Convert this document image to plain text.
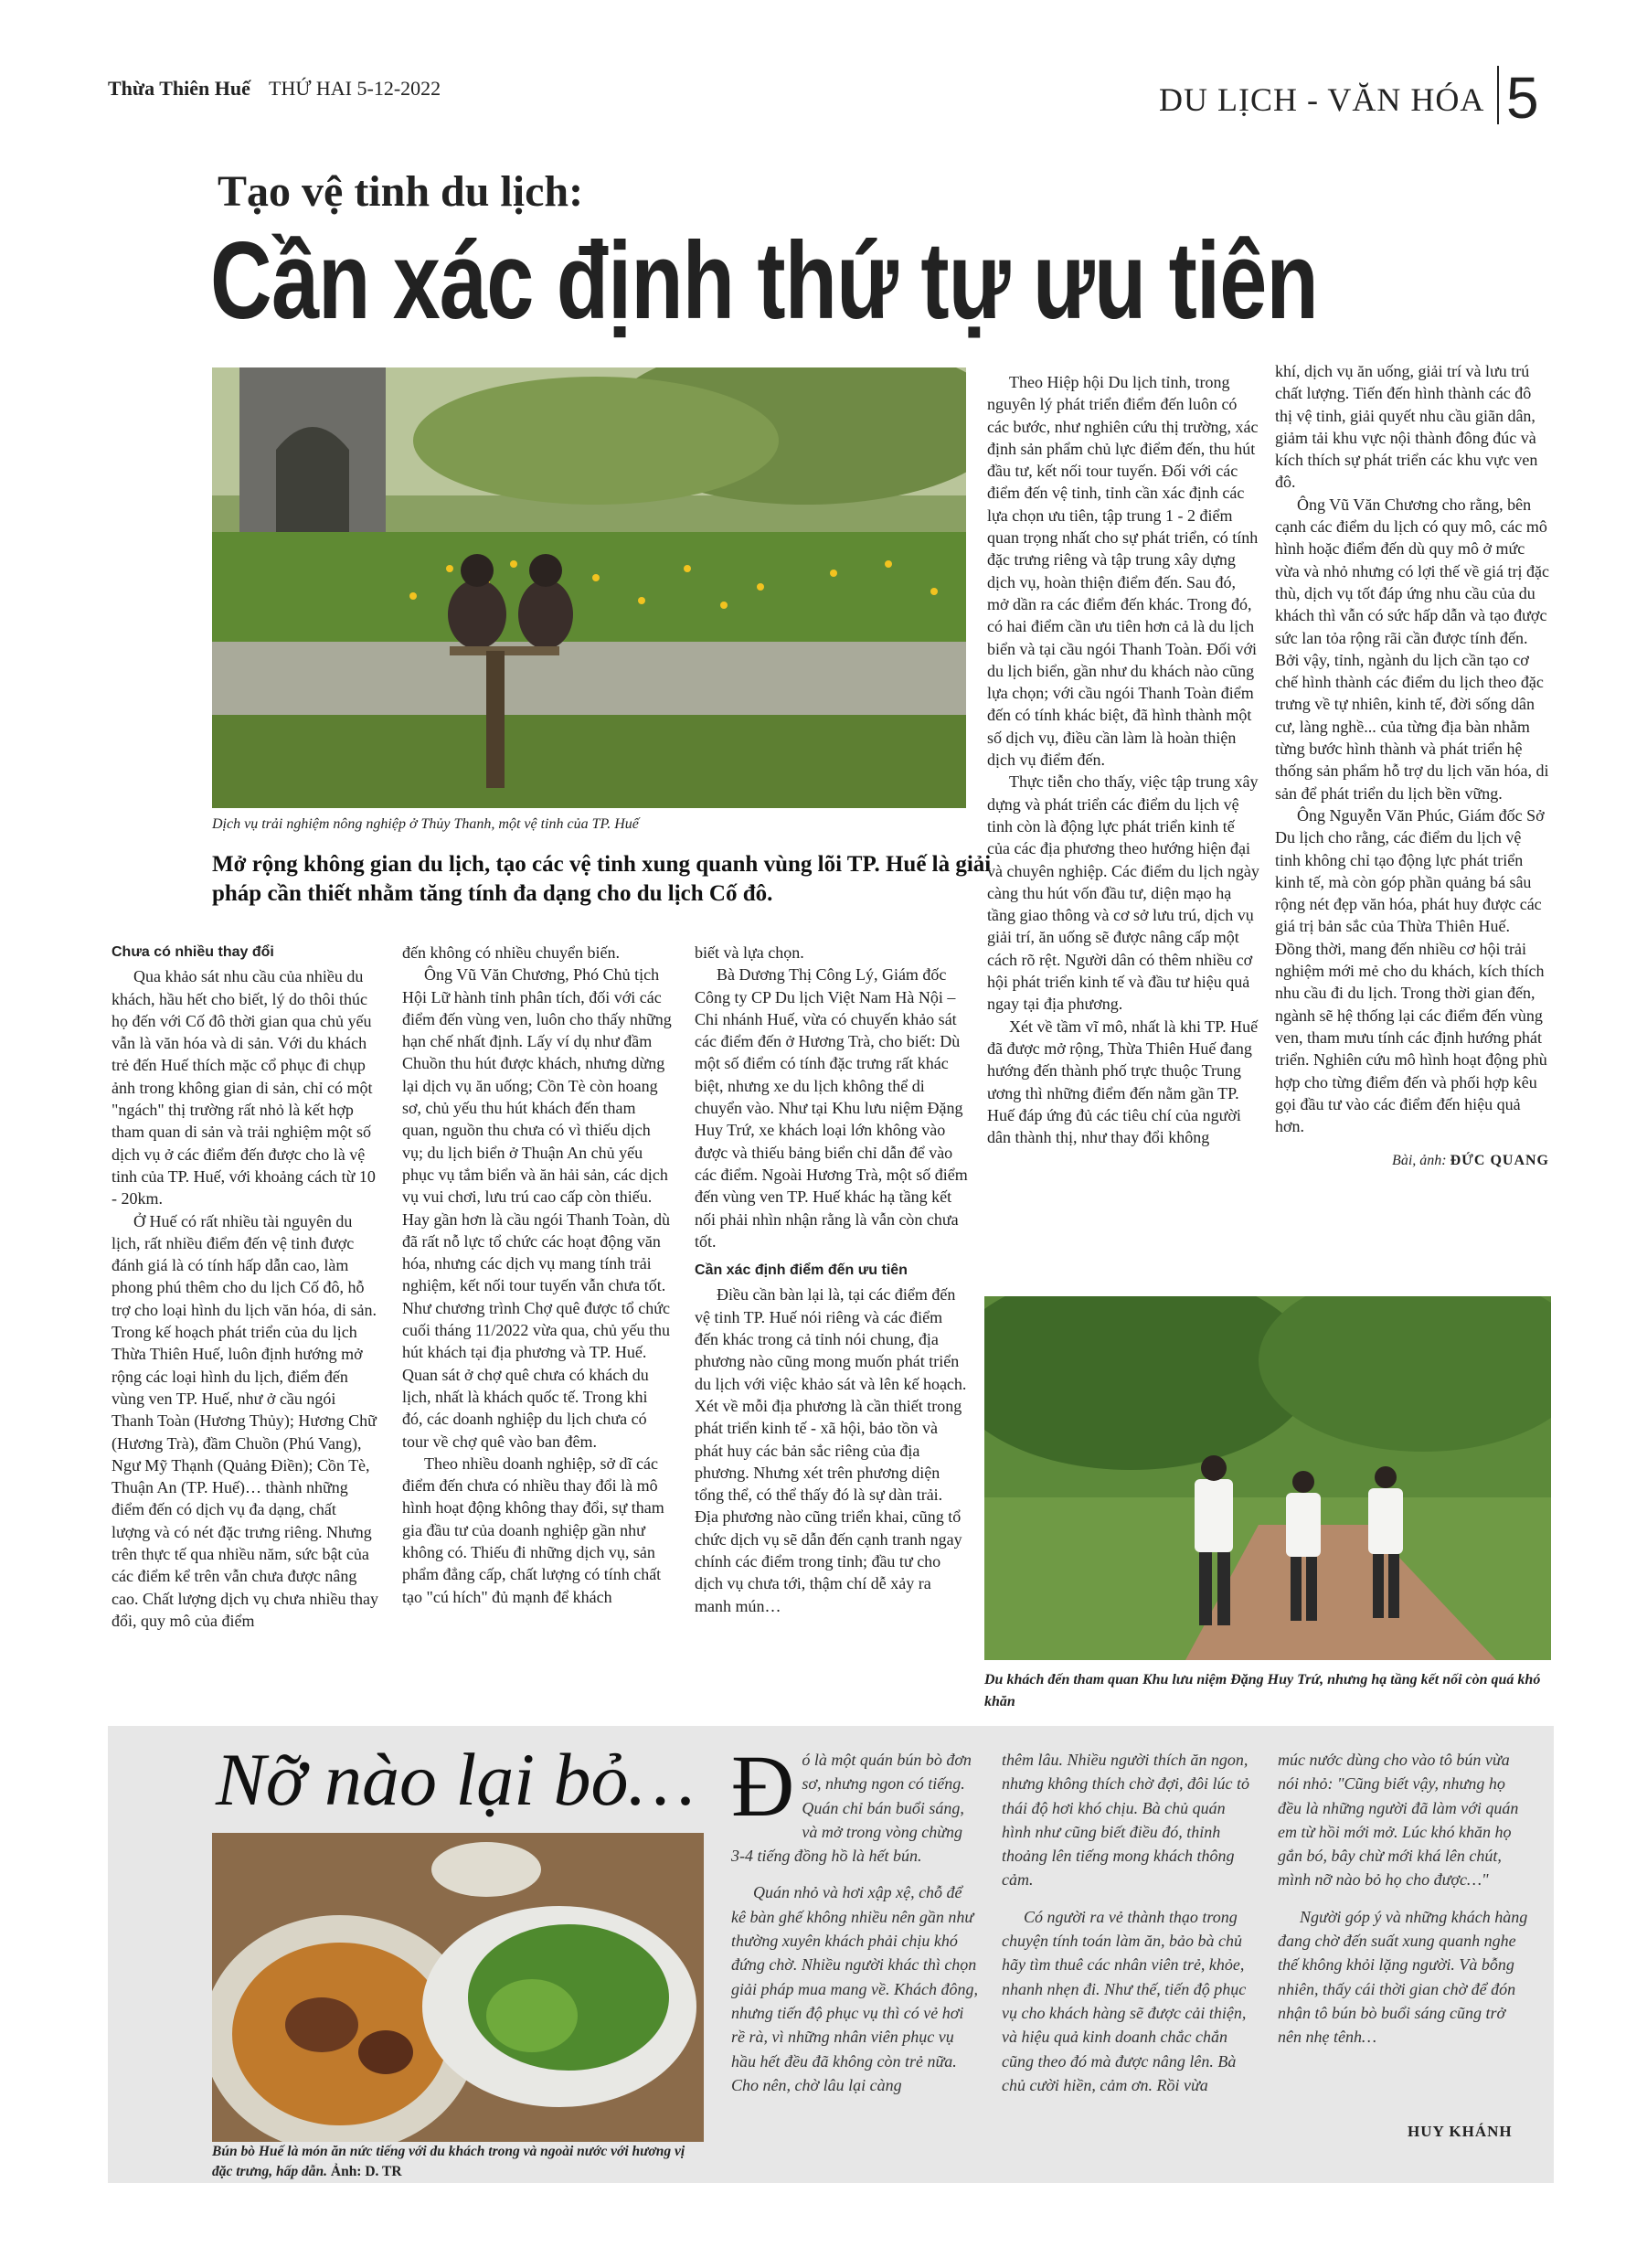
Thừa Thiên Huế THỨ HAI 5-12-2022	DU LỊCH - VĂN HÓA 5
Tạo vệ tinh du lịch:
Cần xác định thứ tự ưu tiên
Dịch vụ trải nghiệm nông nghiệp ở Thủy Thanh, một vệ tinh của TP. Huế
Mở rộng không gian du lịch, tạo các vệ tinh xung quanh vùng lõi TP. Huế là giải pháp cần thiết nhằm tăng tính đa dạng cho du lịch Cố đô.
Chưa có nhiều thay đổi

Qua khảo sát nhu cầu của nhiều du khách, hầu hết cho biết, lý do thôi thúc họ đến với Cố đô thời gian qua chủ yếu vẫn là văn hóa và di sản. Với du khách trẻ đến Huế thích mặc cổ phục đi chụp ảnh trong không gian di sản, chỉ có một "ngách" thị trường rất nhỏ là kết hợp tham quan di sản và trải nghiệm một số dịch vụ ở các điểm đến được cho là vệ tinh của TP. Huế, với khoảng cách từ 10 - 20km.

Ở Huế có rất nhiều tài nguyên du lịch, rất nhiều điểm đến vệ tinh được đánh giá là có tính hấp dẫn cao, làm phong phú thêm cho du lịch Cố đô, hỗ trợ cho loại hình du lịch văn hóa, di sản. Trong kế hoạch phát triển của du lịch Thừa Thiên Huế, luôn định hướng mở rộng các loại hình du lịch, điểm đến vùng ven TP. Huế, như ở cầu ngói Thanh Toàn (Hương Thủy); Hương Chữ (Hương Trà), đầm Chuồn (Phú Vang), Ngư Mỹ Thạnh (Quảng Điền); Cồn Tè, Thuận An (TP. Huế)… thành những điểm đến có dịch vụ đa dạng, chất lượng và có nét đặc trưng riêng. Nhưng trên thực tế qua nhiều năm, sức bật của các điểm kể trên vẫn chưa được nâng cao. Chất lượng dịch vụ chưa nhiều thay đổi, quy mô của điểm

đến không có nhiều chuyển biến.

Ông Vũ Văn Chương, Phó Chủ tịch Hội Lữ hành tỉnh phân tích, đối với các điểm đến vùng ven, luôn cho thấy những hạn chế nhất định. Lấy ví dụ như đầm Chuồn thu hút được khách, nhưng dừng lại dịch vụ ăn uống; Cồn Tè còn hoang sơ, chủ yếu thu hút khách đến tham quan, nguồn thu chưa có vì thiếu dịch vụ; du lịch biển ở Thuận An chủ yếu phục vụ tắm biển và ăn hải sản, các dịch vụ vui chơi, lưu trú cao cấp còn thiếu. Hay gần hơn là cầu ngói Thanh Toàn, dù đã rất nỗ lực tổ chức các hoạt động văn hóa, nhưng các dịch vụ mang tính trải nghiệm, kết nối tour tuyến vẫn chưa tốt. Như chương trình Chợ quê được tổ chức cuối tháng 11/2022 vừa qua, chủ yếu thu hút khách tại địa phương và TP. Huế. Quan sát ở chợ quê chưa có khách du lịch, nhất là khách quốc tế. Trong khi đó, các doanh nghiệp du lịch chưa có tour về chợ quê vào ban đêm.

Theo nhiều doanh nghiệp, sở dĩ các điểm đến chưa có nhiều thay đổi là mô hình hoạt động không thay đổi, sự tham gia đầu tư của doanh nghiệp gần như không có. Thiếu đi những dịch vụ, sản phẩm đẳng cấp, chất lượng có tính chất tạo "cú hích" đủ mạnh để khách

biết và lựa chọn.

Bà Dương Thị Công Lý, Giám đốc Công ty CP Du lịch Việt Nam Hà Nội – Chi nhánh Huế, vừa có chuyến khảo sát các điểm đến ở Hương Trà, cho biết: Dù một số điểm có tính đặc trưng rất khác biệt, nhưng xe du lịch không thể di chuyển vào. Như tại Khu lưu niệm Đặng Huy Trứ, xe khách loại lớn không vào được và thiếu bảng biển chỉ dẫn để vào các điểm. Ngoài Hương Trà, một số điểm đến vùng ven TP. Huế khác hạ tầng kết nối phải nhìn nhận rằng là vẫn còn chưa tốt.

Cần xác định điểm đến ưu tiên

Điều cần bàn lại là, tại các điểm đến vệ tinh TP. Huế nói riêng và các điểm đến khác trong cả tỉnh nói chung, địa phương nào cũng mong muốn phát triển du lịch với việc khảo sát và lên kế hoạch. Xét về mỗi địa phương là cần thiết trong phát triển kinh tế - xã hội, bảo tồn và phát huy các bản sắc riêng của địa phương. Nhưng xét trên phương diện tổng thể, có thể thấy đó là sự dàn trải. Địa phương nào cũng triển khai, cũng tổ chức dịch vụ sẽ dẫn đến cạnh tranh ngay chính các điểm trong tỉnh; đầu tư cho dịch vụ chưa tới, thậm chí dễ xảy ra manh mún…

Theo Hiệp hội Du lịch tỉnh, trong nguyên lý phát triển điểm đến luôn có các bước, như nghiên cứu thị trường, xác định sản phẩm chủ lực điểm đến, thu hút đầu tư, kết nối tour tuyến. Đối với các điểm đến vệ tinh, tỉnh cần xác định các lựa chọn ưu tiên, tập trung 1 - 2 điểm quan trọng nhất cho sự phát triển, có tính đặc trưng riêng và tập trung xây dựng dịch vụ, hoàn thiện điểm đến. Sau đó, mở dần ra các điểm đến khác. Trong đó, có hai điểm cần ưu tiên hơn cả là du lịch biển và tại cầu ngói Thanh Toàn. Đối với du lịch biển, gần như du khách nào cũng lựa chọn; với cầu ngói Thanh Toàn điểm đến có tính khác biệt, đã hình thành một số dịch vụ, điều cần làm là hoàn thiện dịch vụ điểm đến.

Thực tiễn cho thấy, việc tập trung xây dựng và phát triển các điểm du lịch vệ tinh còn là động lực phát triển kinh tế của các địa phương theo hướng hiện đại và chuyên nghiệp. Các điểm du lịch ngày càng thu hút vốn đầu tư, diện mạo hạ tầng giao thông và cơ sở lưu trú, dịch vụ giải trí, ăn uống sẽ được nâng cấp một cách rõ rệt. Người dân có thêm nhiều cơ hội phát triển kinh tế và đầu tư hiệu quả ngay tại địa phương.

Xét về tầm vĩ mô, nhất là khi TP. Huế đã được mở rộng, Thừa Thiên Huế đang hướng đến thành phố trực thuộc Trung ương thì những điểm đến nằm gần TP. Huế đáp ứng đủ các tiêu chí của người dân thành thị, như thay đổi không

khí, dịch vụ ăn uống, giải trí và lưu trú chất lượng. Tiến đến hình thành các đô thị vệ tinh, giải quyết nhu cầu giãn dân, giảm tải khu vực nội thành đông đúc và kích thích sự phát triển các khu vực ven đô.

Ông Vũ Văn Chương cho rằng, bên cạnh các điểm du lịch có quy mô, các mô hình hoặc điểm đến dù quy mô ở mức vừa và nhỏ nhưng có lợi thế về giá trị đặc thù, dịch vụ tốt đáp ứng nhu cầu của du khách thì vẫn có sức hấp dẫn và tạo được sức lan tỏa rộng rãi cần được tính đến. Bởi vậy, tỉnh, ngành du lịch cần tạo cơ chế hình thành các điểm du lịch theo đặc trưng về tự nhiên, kinh tế, đời sống dân cư, làng nghề... của từng địa bàn nhằm từng bước hình thành và phát triển hệ thống sản phẩm hỗ trợ du lịch văn hóa, di sản để phát triển du lịch bền vững.

Ông Nguyễn Văn Phúc, Giám đốc Sở Du lịch cho rằng, các điểm du lịch vệ tinh không chỉ tạo động lực phát triển kinh tế, mà còn góp phần quảng bá sâu rộng nét đẹp văn hóa, phát huy được các giá trị bản sắc của Thừa Thiên Huế. Đồng thời, mang đến nhiều cơ hội trải nghiệm mới mẻ cho du khách, kích thích nhu cầu đi du lịch. Trong thời gian đến, ngành sẽ hệ thống lại các điểm đến vùng ven, tham mưu tính các định hướng phát triển. Nghiên cứu mô hình hoạt động phù hợp cho từng điểm đến và phối hợp kêu gọi đầu tư vào các điểm đến hiệu quả hơn.

Bài, ảnh: ĐỨC QUANG
Du khách đến tham quan Khu lưu niệm Đặng Huy Trứ, nhưng hạ tầng kết nối còn quá khó khăn
Nỡ nào lại bỏ…
Bún bò Huế là món ăn nức tiếng với du khách trong và ngoài nước với hương vị đặc trưng, hấp dẫn. Ảnh: D. TR

Đó là một quán bún bò đơn sơ, nhưng ngon có tiếng. Quán chỉ bán buổi sáng, và mở trong vòng chừng 3-4 tiếng đồng hồ là hết bún.

Quán nhỏ và hơi xập xệ, chỗ để kê bàn ghế không nhiều nên gần như thường xuyên khách phải chịu khó đứng chờ. Nhiều người khác thì chọn giải pháp mua mang về. Khách đông, nhưng tiến độ phục vụ thì có vẻ hơi rề rà, vì những nhân viên phục vụ hầu hết đều đã không còn trẻ nữa. Cho nên, chờ lâu lại càng

thêm lâu. Nhiều người thích ăn ngon, nhưng không thích chờ đợi, đôi lúc tỏ thái độ hơi khó chịu. Bà chủ quán hình như cũng biết điều đó, thỉnh thoảng lên tiếng mong khách thông cảm.

Có người ra vẻ thành thạo trong chuyện tính toán làm ăn, bảo bà chủ hãy tìm thuê các nhân viên trẻ, khỏe, nhanh nhẹn đi. Như thế, tiến độ phục vụ cho khách hàng sẽ được cải thiện, và hiệu quả kinh doanh chắc chắn cũng theo đó mà được nâng lên. Bà chủ cười hiền, cảm ơn. Rồi vừa

múc nước dùng cho vào tô bún vừa nói nhỏ: "Cũng biết vậy, nhưng họ đều là những người đã làm với quán em từ hồi mới mở. Lúc khó khăn họ gắn bó, bây chừ mới khá lên chút, mình nỡ nào bỏ họ cho được…"

Người góp ý và những khách hàng đang chờ đến suất xung quanh nghe thế không khỏi lặng người. Và bỗng nhiên, thấy cái thời gian chờ để đón nhận tô bún bò buổi sáng cũng trở nên nhẹ tênh…

HUY KHÁNH
